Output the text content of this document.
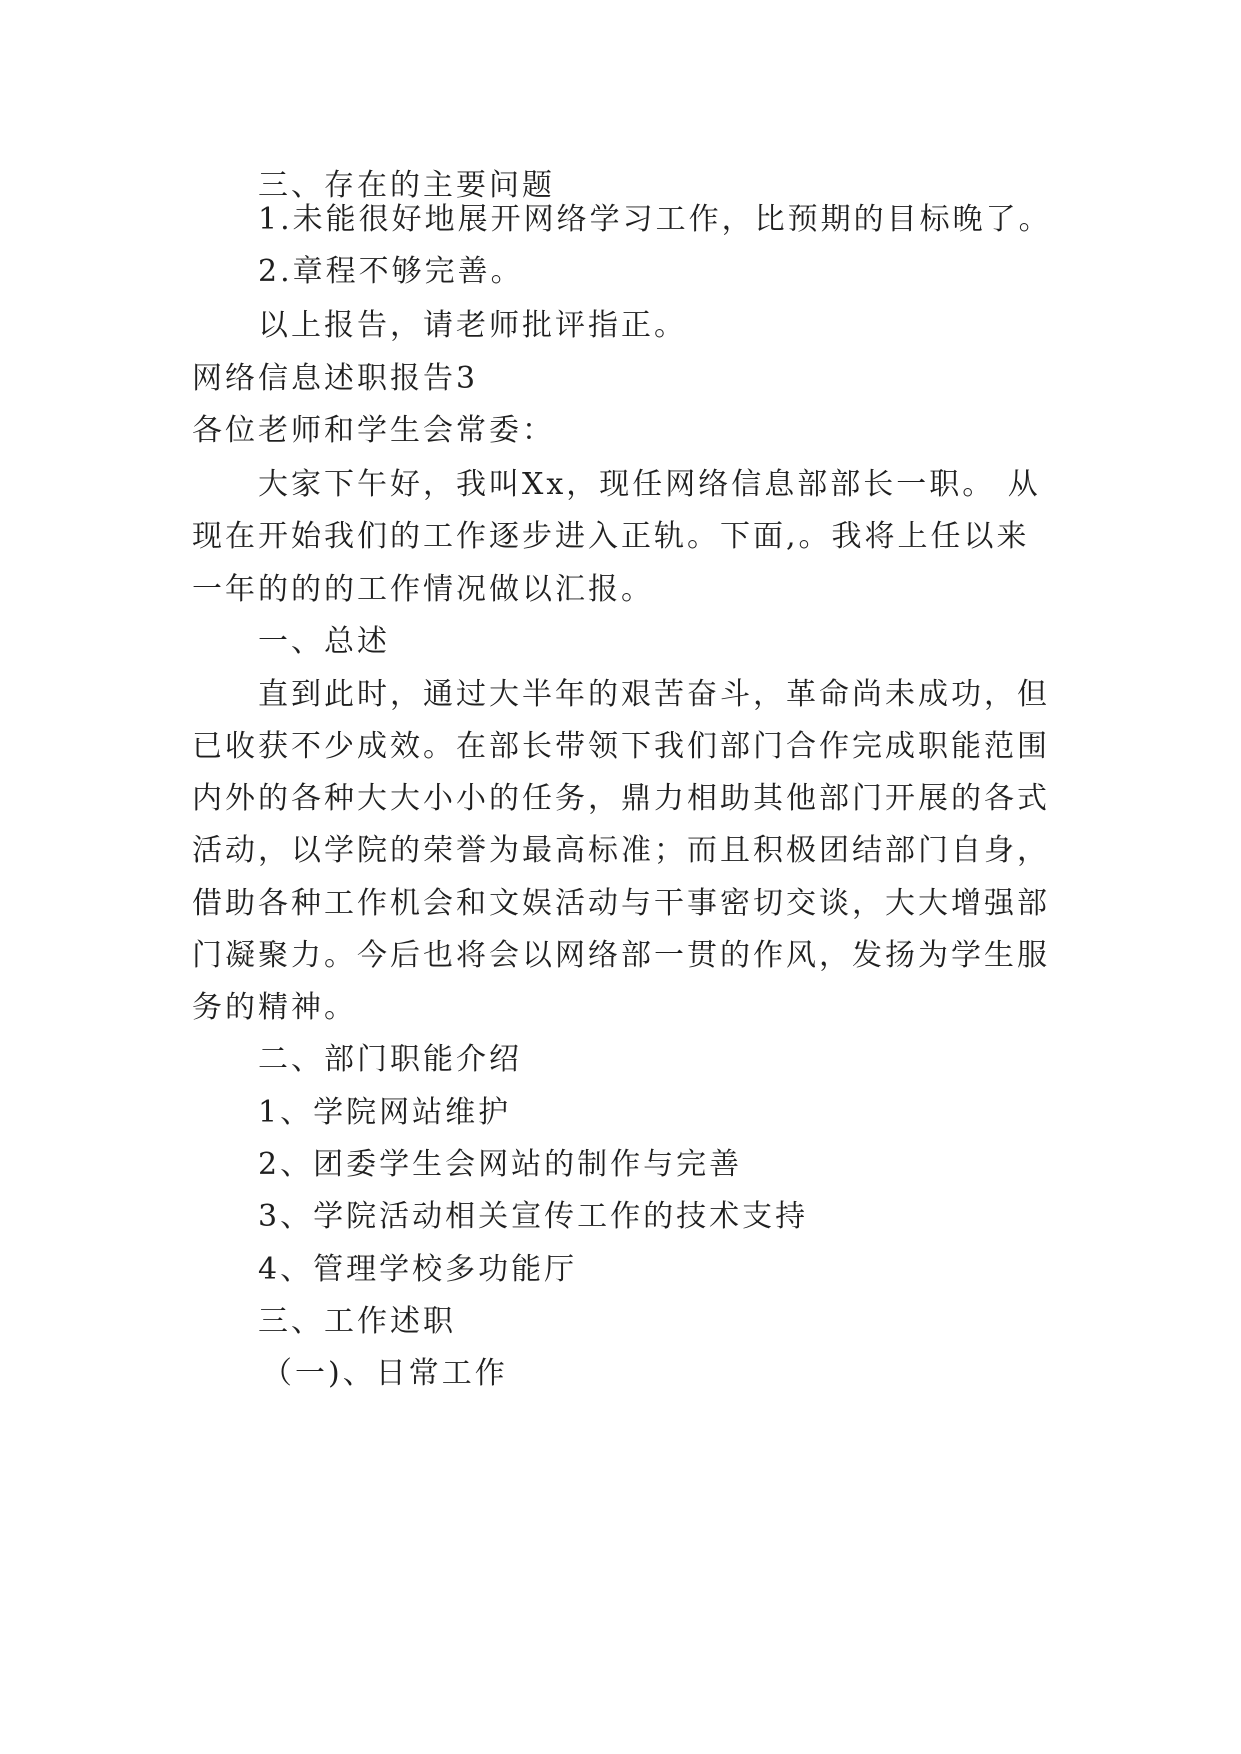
三、存在的主要问题
1.未能很好地展开网络学习工作，比预期的目标晚了。
2.章程不够完善。
以上报告，请老师批评指正。
网络信息述职报告3
各位老师和学生会常委：
大家下午好，我叫Xx，现任网络信息部部长一职。 从
现在开始我们的工作逐步进入正轨。下面,。我将上任以来
一年的的的工作情况做以汇报。
一、总述
直到此时，通过大半年的艰苦奋斗，革命尚未成功，但
已收获不少成效。在部长带领下我们部门合作完成职能范围
内外的各种大大小小的任务，鼎力相助其他部门开展的各式
活动，以学院的荣誉为最高标准；而且积极团结部门自身，
借助各种工作机会和文娱活动与干事密切交谈，大大增强部
门凝聚力。今后也将会以网络部一贯的作风，发扬为学生服
务的精神。
二、部门职能介绍
1、学院网站维护
2、团委学生会网站的制作与完善
3、学院活动相关宣传工作的技术支持
4、管理学校多功能厅
三、工作述职
（一)、日常工作
